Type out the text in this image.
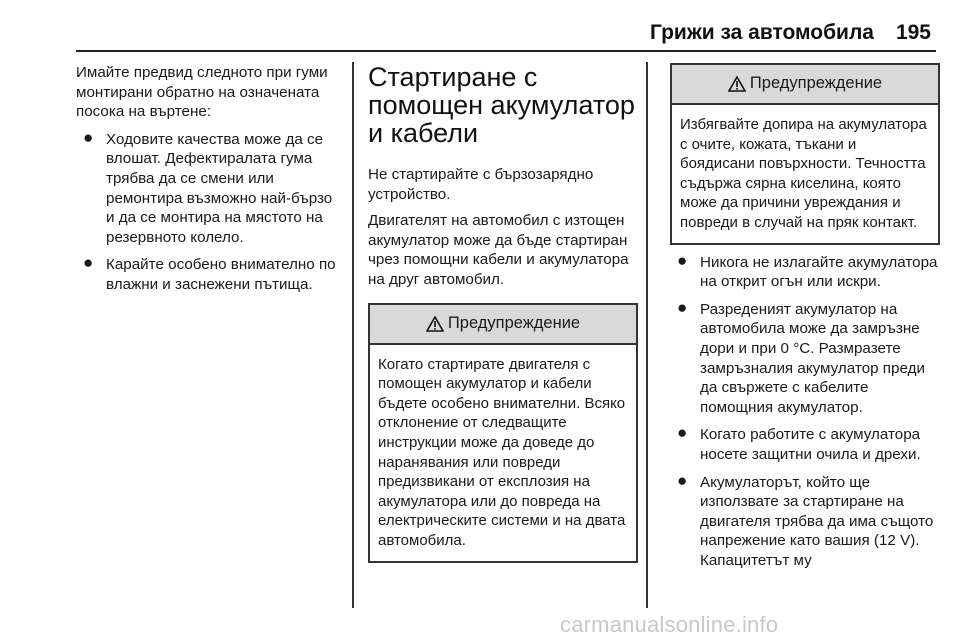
Грижи за автомобила 195

Имайте предвид следното при гуми монтирани обратно на означената посока на въртене:

● Ходовите качества може да се влошат. Дефектиралата гума трябва да се смени или ремонтира възможно най-бързо и да се монтира на мястото на резервното колело.
● Карайте особено внимателно по влажни и заснежени пътища.
Стартиране с помощен акумулатор и кабели

Не стартирайте с бързозарядно устройство.

Двигателят на автомобил с изтощен акумулатор може да бъде стартиран чрез помощни кабели и акумулатора на друг автомобил.

Предупреждение
Когато стартирате двигателя с помощен акумулатор и кабели бъдете особено внимателни. Всяко отклонение от следващите инструкции може да доведе до наранявания или повреди предизвикани от експлозия на акумулатора или до повреда на електрическите системи и на двата автомобила.
Предупреждение
Избягвайте допира на акумулатора с очите, кожата, тъкани и боядисани повърхности. Течността съдържа сярна киселина, която може да причини увреждания и повреди в случай на пряк контакт.
● Никога не излагайте акумулатора на открит огън или искри.
● Разреденият акумулатор на автомобила може да замръзне дори и при 0 °C. Размразете замръзналия акумулатор преди да свържете с кабелите помощния акумулатор.
● Когато работите с акумулатора носете защитни очила и дрехи.
● Акумулаторът, който ще използвате за стартиране на двигателя трябва да има същото напрежение като вашия (12 V). Капацитетът му
carmanualsonline.info
